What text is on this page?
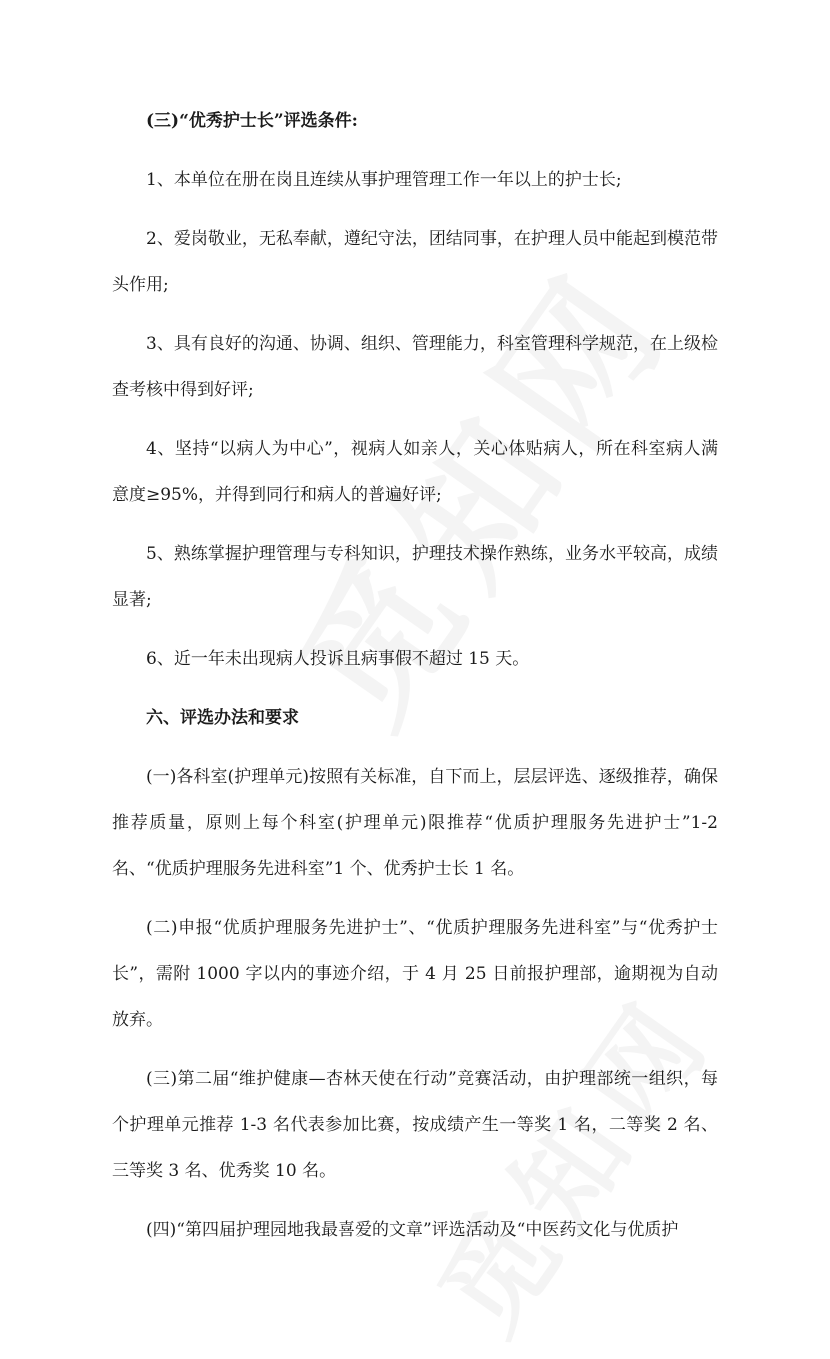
(三)“优秀护士长”评选条件:

1、本单位在册在岗且连续从事护理管理工作一年以上的护士长;

2、爱岗敬业，无私奉献，遵纪守法，团结同事，在护理人员中能起到模范带头作用;

3、具有良好的沟通、协调、组织、管理能力，科室管理科学规范，在上级检查考核中得到好评;

4、坚持“以病人为中心”，视病人如亲人，关心体贴病人，所在科室病人满意度≥95%，并得到同行和病人的普遍好评;

5、熟练掌握护理管理与专科知识，护理技术操作熟练，业务水平较高，成绩显著;

6、近一年未出现病人投诉且病事假不超过 15 天。

六、评选办法和要求

(一)各科室(护理单元)按照有关标准，自下而上，层层评选、逐级推荐，确保推荐质量，原则上每个科室(护理单元)限推荐“优质护理服务先进护士”1-2 名、“优质护理服务先进科室”1 个、优秀护士长 1 名。

(二)申报“优质护理服务先进护士”、“优质护理服务先进科室”与“优秀护士长”，需附 1000 字以内的事迹介绍，于 4 月 25 日前报护理部，逾期视为自动放弃。

(三)第二届“维护健康—杏林天使在行动”竞赛活动，由护理部统一组织，每个护理单元推荐 1-3 名代表参加比赛，按成绩产生一等奖 1 名，二等奖 2 名、三等奖 3 名、优秀奖 10 名。

(四)“第四届护理园地我最喜爱的文章”评选活动及“中医药文化与优质护
